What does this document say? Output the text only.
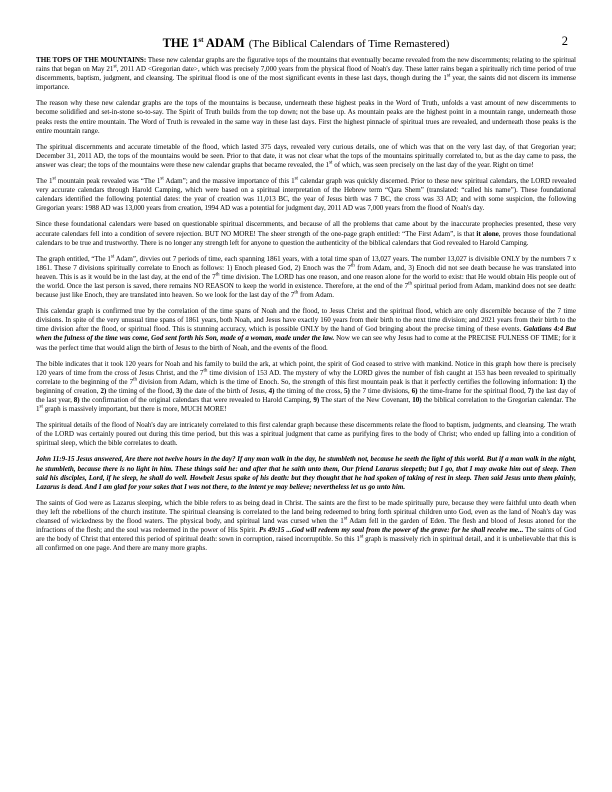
THE 1st ADAM (The Biblical Calendars of Time Remastered)	2

THE TOPS OF THE MOUNTAINS: These new calendar graphs are the figurative tops of the mountains that eventually became revealed from the new discernments; relating to the spiritual rains that began on May 21st, 2011 AD <Gregorian date>, which was precisely 7,000 years from the physical flood of Noah's day. These latter rains began a spiritually rich time period of true discernments, baptism, judgment, and cleansing. The spiritual flood is one of the most significant events in these last days, though during the 1st year, the saints did not discern its immense importance.

The reason why these new calendar graphs are the tops of the mountains is because, underneath these highest peaks in the Word of Truth, unfolds a vast amount of new discernments to become solidified and set-in-stone so-to-say. The Spirit of Truth builds from the top down; not the base up. As mountain peaks are the highest point in a mountain range, underneath those peaks rests the entire mountain. The Word of Truth is revealed in the same way in these last days. First the highest pinnacle of spiritual trues are revealed, and underneath those peaks is the entire mountain range.

The spiritual discernments and accurate timetable of the flood, which lasted 375 days, revealed very curious details, one of which was that on the very last day, of that Gregorian year; December 31, 2011 AD, the tops of the mountains would be seen. Prior to that date, it was not clear what the tops of the mountains spiritually correlated to, but as the day came to pass, the answer was clear; the tops of the mountains were these new calendar graphs that became revealed, the 1st of which, was seen precisely on the last day of the year. Right on time!

The 1st mountain peak revealed was “The 1st Adam”; and the massive importance of this 1st calendar graph was quickly discerned. Prior to these new spiritual calendars, the LORD revealed very accurate calendars through Harold Camping, which were based on a spiritual interpretation of the Hebrew term “Qara Shem” (translated: “called his name”). These foundational calendars identified the following potential dates: the year of creation was 11,013 BC, the year of Jesus birth was 7 BC, the cross was 33 AD; and with some suspicion, the following Gregorian years: 1988 AD was 13,000 years from creation, 1994 AD was a potential for judgment day, 2011 AD was 7,000 years from the flood of Noah's day.

Since these foundational calendars were based on questionable spiritual discernments, and because of all the problems that came about by the inaccurate prophecies presented, these very accurate calendars fell into a condition of severe rejection. BUT NO MORE! The sheer strength of the one-page graph entitled: “The First Adam”, is that it alone, proves those foundational calendars to be true and trustworthy. There is no longer any strength left for anyone to question the authenticity of the biblical calendars that God revealed to Harold Camping.

The graph entitled, “The 1st Adam”, divvies out 7 periods of time, each spanning 1861 years, with a total time span of 13,027 years. The number 13,027 is divisible ONLY by the numbers 7 x 1861. These 7 divisions spiritually correlate to Enoch as follows: 1) Enoch pleased God, 2) Enoch was the 7th from Adam, and, 3) Enoch did not see death because he was translated into heaven. This is as it would be in the last day, at the end of the 7th time division. The LORD has one reason, and one reason alone for the world to exist: that He would obtain His people out of the world. Once the last person is saved, there remains NO REASON to keep the world in existence. Therefore, at the end of the 7th spiritual period from Adam, mankind does not see death: because just like Enoch, they are translated into heaven. So we look for the last day of the 7th from Adam.

This calendar graph is confirmed true by the correlation of the time spans of Noah and the flood, to Jesus Christ and the spiritual flood, which are only discernible because of the 7 time divisions. In spite of the very unusual time spans of 1861 years, both Noah, and Jesus have exactly 160 years from their birth to the next time division; and 2021 years from their birth to the time division after the flood, or spiritual flood. This is stunning accuracy, which is possible ONLY by the hand of God bringing about the precise timing of these events. Galatians 4:4 But when the fulness of the time was come, God sent forth his Son, made of a woman, made under the law. Now we can see why Jesus had to come at the PRECISE FULNESS OF TIME; for it was the perfect time that would align the birth of Jesus to the birth of Noah, and the events of the flood.

The bible indicates that it took 120 years for Noah and his family to build the ark, at which point, the spirit of God ceased to strive with mankind. Notice in this graph how there is precisely 120 years of time from the cross of Jesus Christ, and the 7th time division of 153 AD. The mystery of why the LORD gives the number of fish caught at 153 has been revealed to spiritually correlate to the beginning of the 7th division from Adam, which is the time of Enoch. So, the strength of this first mountain peak is that it perfectly certifies the following information: 1) the beginning of creation, 2) the timing of the flood, 3) the date of the birth of Jesus, 4) the timing of the cross, 5) the 7 time divisions, 6) the time-frame for the spiritual flood, 7) the last day of the last year, 8) the confirmation of the original calendars that were revealed to Harold Camping, 9) The start of the New Covenant, 10) the biblical correlation to the Gregorian calendar. The 1st graph is massively important, but there is more, MUCH MORE!

The spiritual details of the flood of Noah's day are intricately correlated to this first calendar graph because these discernments relate the flood to baptism, judgments, and cleansing. The wrath of the LORD was certainly poured out during this time period, but this was a spiritual judgment that came as purifying fires to the body of Christ; who ended up falling into a condition of spiritual sleep, which the bible correlates to death.

John 11:9-15 Jesus answered, Are there not twelve hours in the day? If any man walk in the day, he stumbleth not, because he seeth the light of this world. But if a man walk in the night, he stumbleth, because there is no light in him. These things said he: and after that he saith unto them, Our friend Lazarus sleepeth; but I go, that I may awake him out of sleep. Then said his disciples, Lord, if he sleep, he shall do well. Howbeit Jesus spake of his death: but they thought that he had spoken of taking of rest in sleep. Then said Jesus unto them plainly, Lazarus is dead. And I am glad for your sakes that I was not there, to the intent ye may believe; nevertheless let us go unto him.

The saints of God were as Lazarus sleeping, which the bible refers to as being dead in Christ. The saints are the first to be made spiritually pure, because they were faithful unto death when they left the rebellions of the church institute. The spiritual cleansing is correlated to the land being redeemed to bring forth spiritual children unto God, even as the land of Noah's day was cleansed of wickedness by the flood waters. The physical body, and spiritual land was cursed when the 1st Adam fell in the garden of Eden. The flesh and blood of Jesus atoned for the infractions of the flesh; and the soul was redeemed in the power of His Spirit. Ps 49:15 ...God will redeem my soul from the power of the grave: for he shall receive me... The saints of God are the body of Christ that entered this period of spiritual death: sown in corruption, raised incorruptible. So this 1st graph is massively rich in spiritual detail, and it is unbelievable that this is all confirmed on one page. And there are many more graphs.
